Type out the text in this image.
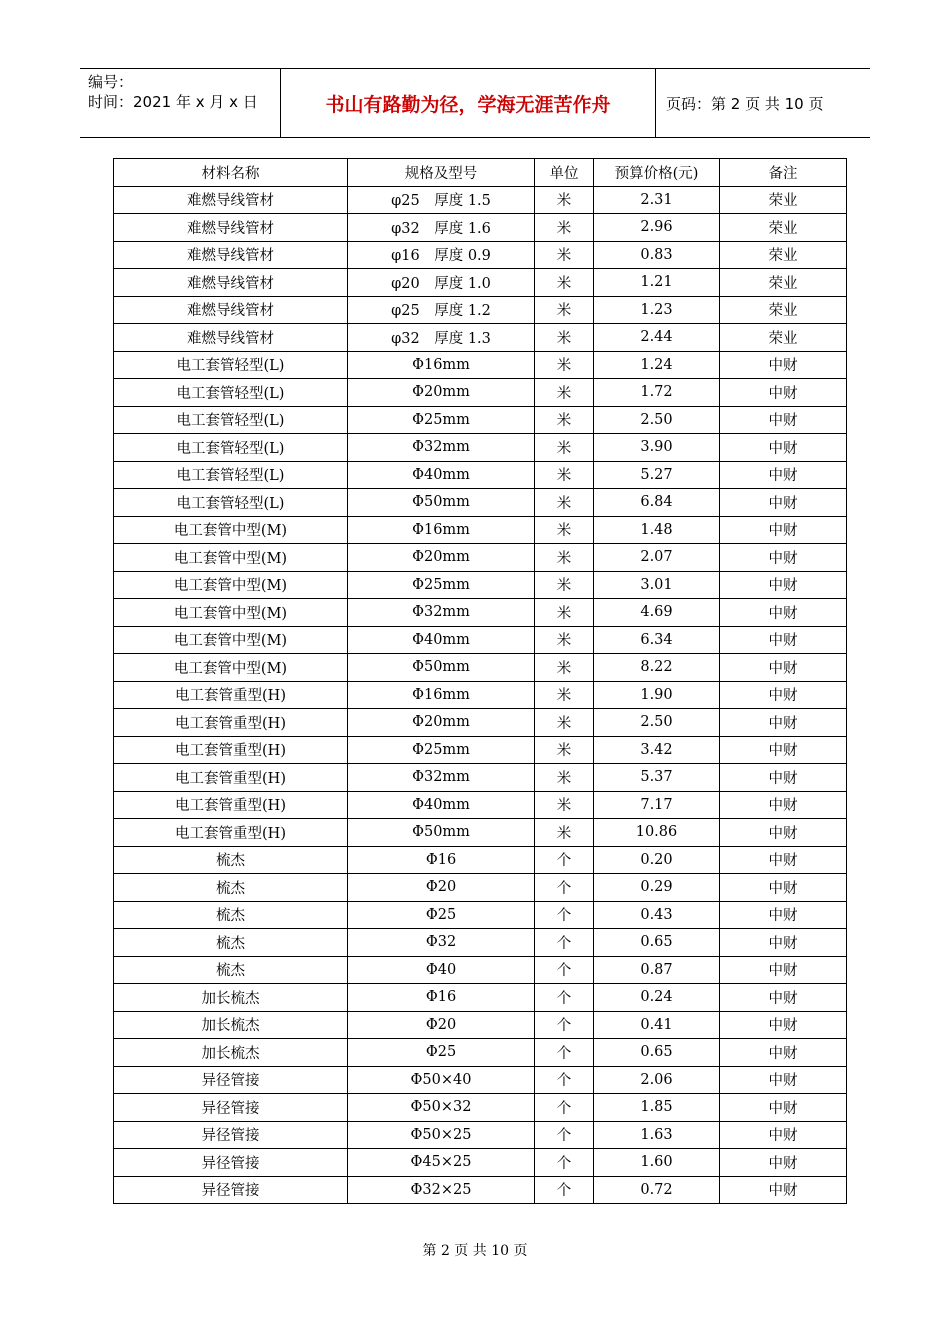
编号：
时间：2021 年 x 月 x 日	书山有路勤为径，学海无涯苦作舟	页码：第 2 页 共 10 页
材料名称	规格及型号	单位	预算价格(元)	备注
难燃导线管材	φ25　厚度 1.5	米	2.31	荣业
难燃导线管材	φ32　厚度 1.6	米	2.96	荣业
难燃导线管材	φ16　厚度 0.9	米	0.83	荣业
难燃导线管材	φ20　厚度 1.0	米	1.21	荣业
难燃导线管材	φ25　厚度 1.2	米	1.23	荣业
难燃导线管材	φ32　厚度 1.3	米	2.44	荣业
电工套管轻型(L)	Φ16mm	米	1.24	中财
电工套管轻型(L)	Φ20mm	米	1.72	中财
电工套管轻型(L)	Φ25mm	米	2.50	中财
电工套管轻型(L)	Φ32mm	米	3.90	中财
电工套管轻型(L)	Φ40mm	米	5.27	中财
电工套管轻型(L)	Φ50mm	米	6.84	中财
电工套管中型(M)	Φ16mm	米	1.48	中财
电工套管中型(M)	Φ20mm	米	2.07	中财
电工套管中型(M)	Φ25mm	米	3.01	中财
电工套管中型(M)	Φ32mm	米	4.69	中财
电工套管中型(M)	Φ40mm	米	6.34	中财
电工套管中型(M)	Φ50mm	米	8.22	中财
电工套管重型(H)	Φ16mm	米	1.90	中财
电工套管重型(H)	Φ20mm	米	2.50	中财
电工套管重型(H)	Φ25mm	米	3.42	中财
电工套管重型(H)	Φ32mm	米	5.37	中财
电工套管重型(H)	Φ40mm	米	7.17	中财
电工套管重型(H)	Φ50mm	米	10.86	中财
梳杰	Φ16	个	0.20	中财
梳杰	Φ20	个	0.29	中财
梳杰	Φ25	个	0.43	中财
梳杰	Φ32	个	0.65	中财
梳杰	Φ40	个	0.87	中财
加长梳杰	Φ16	个	0.24	中财
加长梳杰	Φ20	个	0.41	中财
加长梳杰	Φ25	个	0.65	中财
异径管接	Φ50×40	个	2.06	中财
异径管接	Φ50×32	个	1.85	中财
异径管接	Φ50×25	个	1.63	中财
异径管接	Φ45×25	个	1.60	中财
异径管接	Φ32×25	个	0.72	中财
第 2 页 共 10 页
